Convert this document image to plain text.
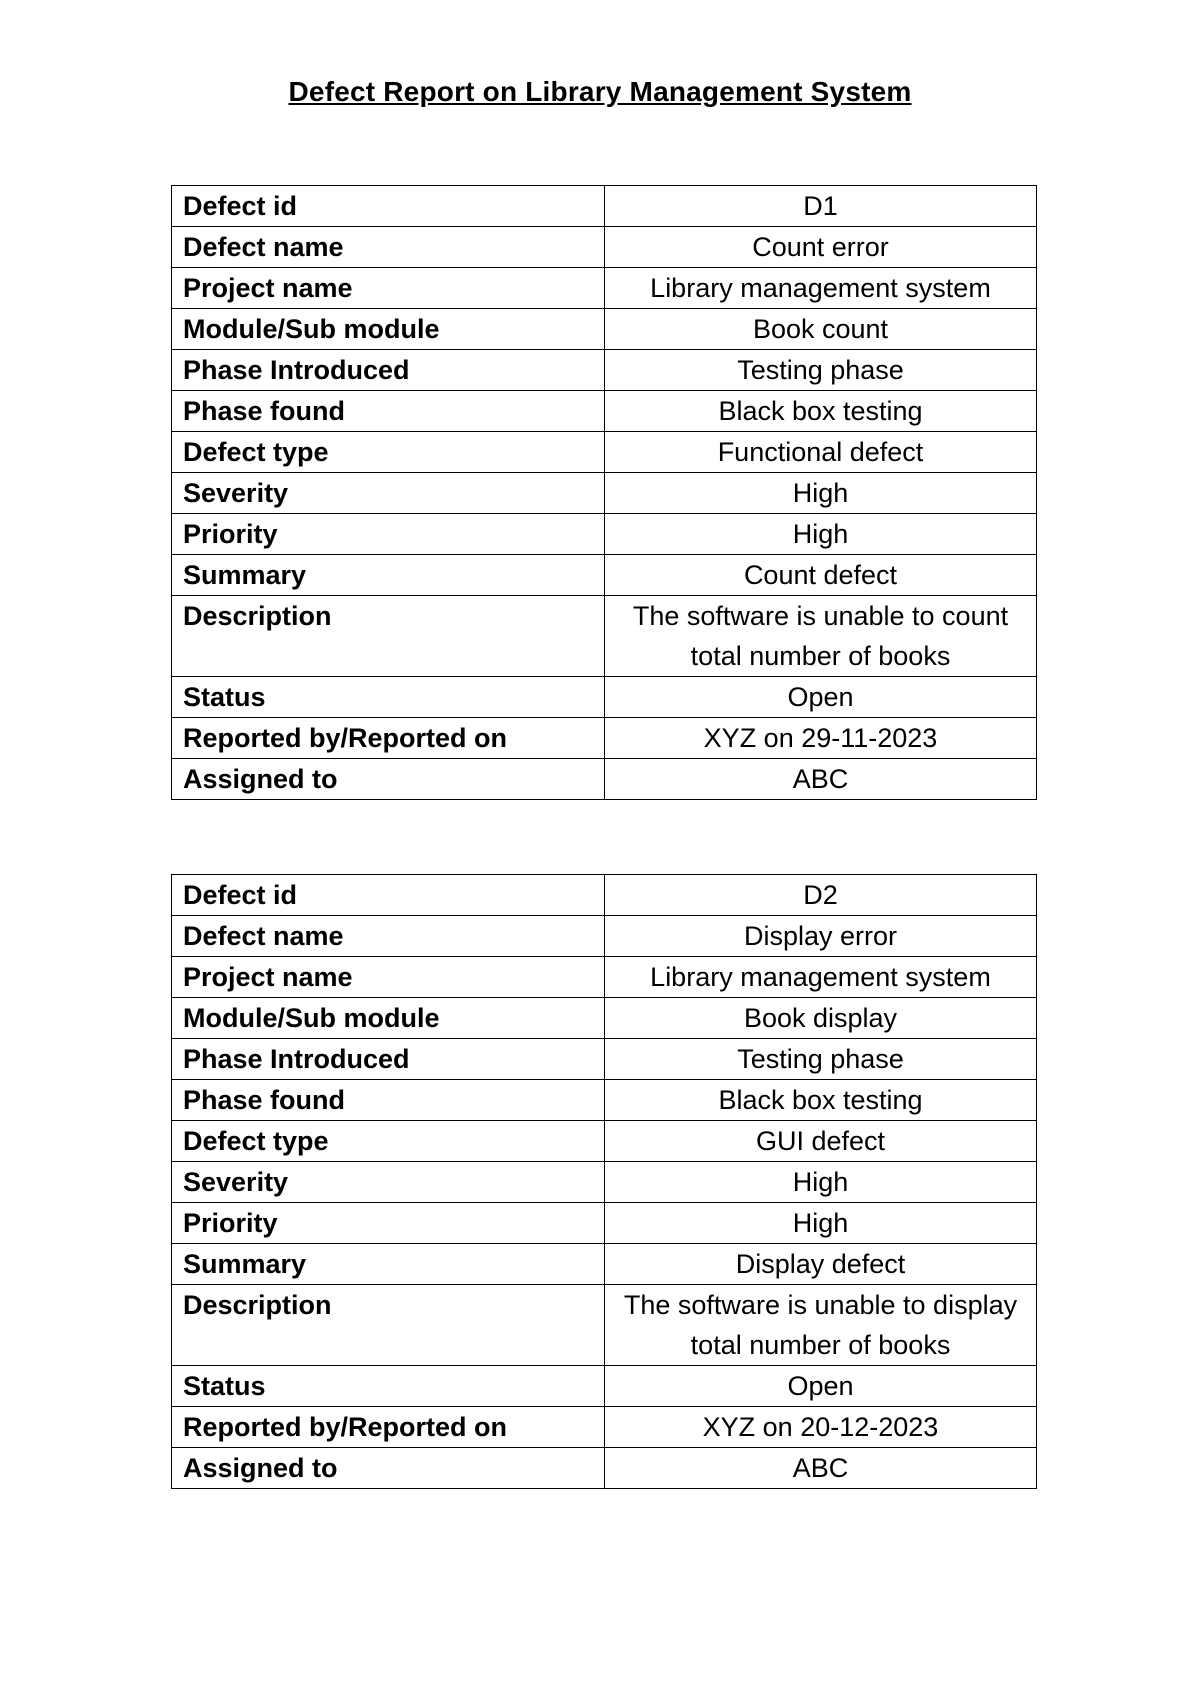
Defect Report on Library Management System
Defect id	D1
Defect name	Count error
Project name	Library management system
Module/Sub module	Book count
Phase Introduced	Testing phase
Phase found	Black box testing
Defect type	Functional defect
Severity	High
Priority	High
Summary	Count defect
Description	The software is unable to count total number of books
Status	Open
Reported by/Reported on	XYZ on 29-11-2023
Assigned to	ABC
Defect id	D2
Defect name	Display error
Project name	Library management system
Module/Sub module	Book display
Phase Introduced	Testing phase
Phase found	Black box testing
Defect type	GUI defect
Severity	High
Priority	High
Summary	Display defect
Description	The software is unable to display total number of books
Status	Open
Reported by/Reported on	XYZ on 20-12-2023
Assigned to	ABC
